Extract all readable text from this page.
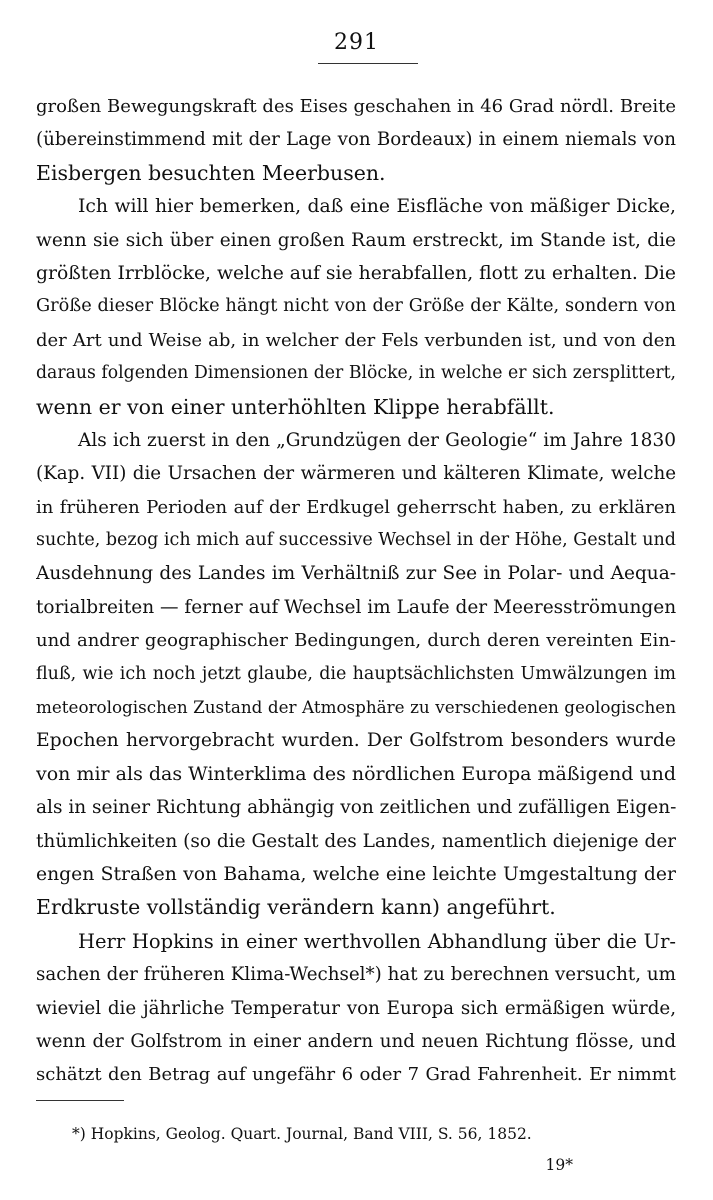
291
großen Bewegungskraft des Eises geschahen in 46 Grad nördl. Breite
(übereinstimmend mit der Lage von Bordeaux) in einem niemals von
Eisbergen besuchten Meerbusen.
Ich will hier bemerken, daß eine Eisfläche von mäßiger Dicke,
wenn sie sich über einen großen Raum erstreckt, im Stande ist, die
größten Irrblöcke, welche auf sie herabfallen, flott zu erhalten. Die
Größe dieser Blöcke hängt nicht von der Größe der Kälte, sondern von
der Art und Weise ab, in welcher der Fels verbunden ist, und von den
daraus folgenden Dimensionen der Blöcke, in welche er sich zersplittert,
wenn er von einer unterhöhlten Klippe herabfällt.
Als ich zuerst in den „Grundzügen der Geologie“ im Jahre 1830
(Kap. VII) die Ursachen der wärmeren und kälteren Klimate, welche
in früheren Perioden auf der Erdkugel geherrscht haben, zu erklären
suchte, bezog ich mich auf successive Wechsel in der Höhe, Gestalt und
Ausdehnung des Landes im Verhältniß zur See in Polar- und Aequa-
torialbreiten — ferner auf Wechsel im Laufe der Meeresströmungen
und andrer geographischer Bedingungen, durch deren vereinten Ein-
fluß, wie ich noch jetzt glaube, die hauptsächlichsten Umwälzungen im
meteorologischen Zustand der Atmosphäre zu verschiedenen geologischen
Epochen hervorgebracht wurden. Der Golfstrom besonders wurde
von mir als das Winterklima des nördlichen Europa mäßigend und
als in seiner Richtung abhängig von zeitlichen und zufälligen Eigen-
thümlichkeiten (so die Gestalt des Landes, namentlich diejenige der
engen Straßen von Bahama, welche eine leichte Umgestaltung der
Erdkruste vollständig verändern kann) angeführt.
Herr Hopkins in einer werthvollen Abhandlung über die Ur-
sachen der früheren Klima-Wechsel*) hat zu berechnen versucht, um
wieviel die jährliche Temperatur von Europa sich ermäßigen würde,
wenn der Golfstrom in einer andern und neuen Richtung flösse, und
schätzt den Betrag auf ungefähr 6 oder 7 Grad Fahrenheit. Er nimmt
*) Hopkins, Geolog. Quart. Journal, Band VIII, S. 56, 1852.
19*
